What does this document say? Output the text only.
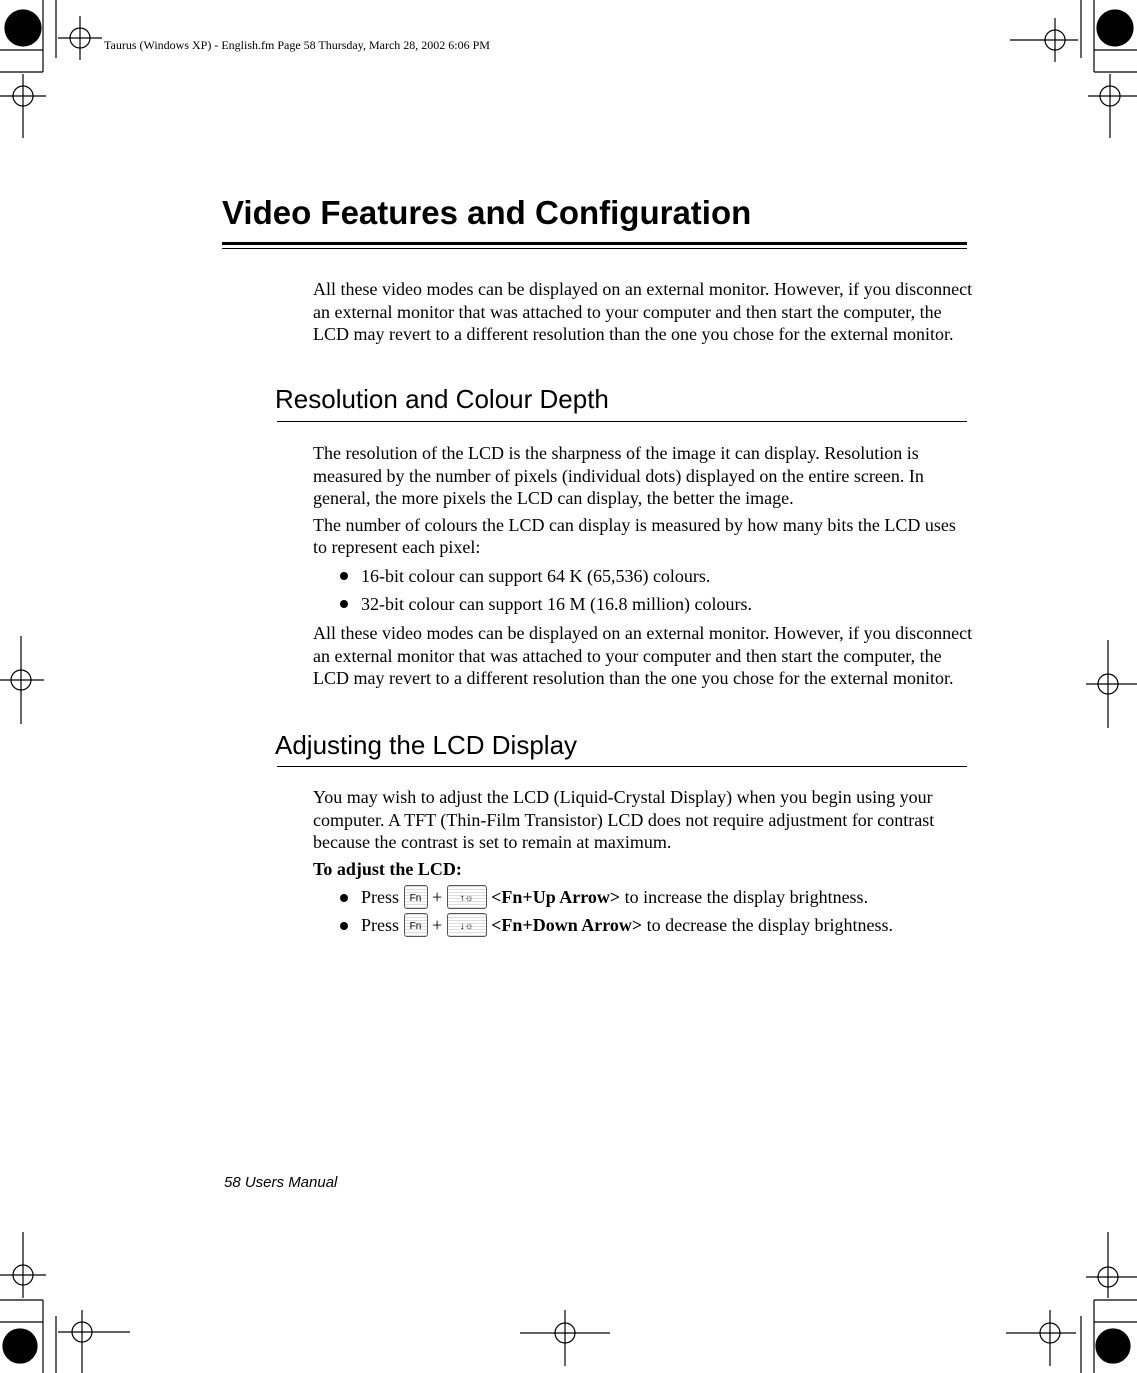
Taurus (Windows XP) - English.fm Page 58 Thursday, March 28, 2002 6:06 PM
Video Features and Configuration

All these video modes can be displayed on an external monitor. However, if you disconnect an external monitor that was attached to your computer and then start the computer, the LCD may revert to a different resolution than the one you chose for the external monitor.

Resolution and Colour Depth

The resolution of the LCD is the sharpness of the image it can display. Resolution is measured by the number of pixels (individual dots) displayed on the entire screen. In general, the more pixels the LCD can display, the better the image.

The number of colours the LCD can display is measured by how many bits the LCD uses to represent each pixel:

16-bit colour can support 64 K (65,536) colours.
32-bit colour can support 16 M (16.8 million) colours.

All these video modes can be displayed on an external monitor. However, if you disconnect an external monitor that was attached to your computer and then start the computer, the LCD may revert to a different resolution than the one you chose for the external monitor.

Adjusting the LCD Display

You may wish to adjust the LCD (Liquid-Crystal Display) when you begin using your computer. A TFT (Thin-Film Transistor) LCD does not require adjustment for contrast because the contrast is set to remain at maximum.

To adjust the LCD:

Press	Fn +	↑☼ <Fn+Up Arrow> to increase the display brightness.
Press	Fn +	↓☼ <Fn+Down Arrow> to decrease the display brightness.
58 Users Manual
